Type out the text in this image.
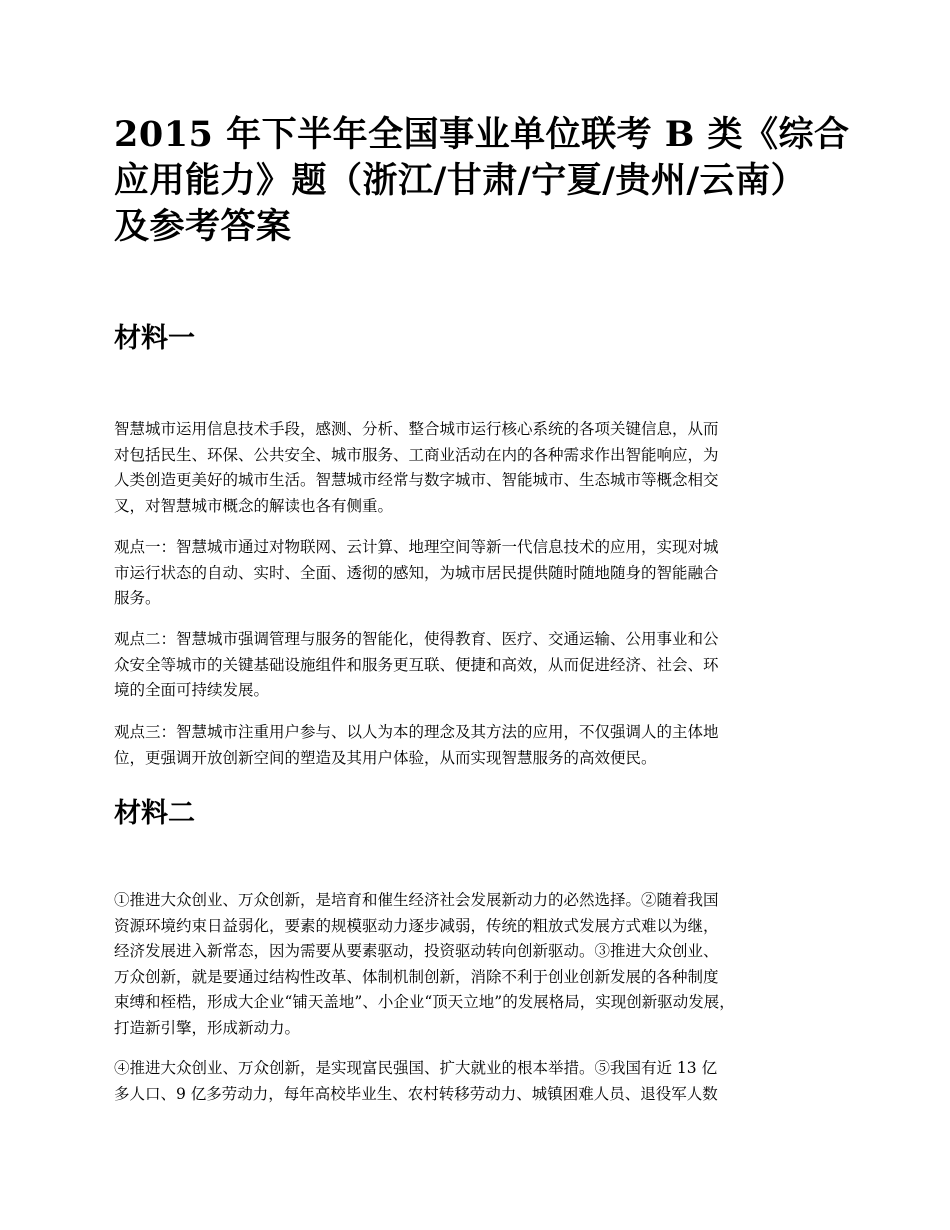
2015 年下半年全国事业单位联考 B 类《综合
应用能力》题（浙江/甘肃/宁夏/贵州/云南）
及参考答案
材料一

智慧城市运用信息技术手段，感测、分析、整合城市运行核心系统的各项关键信息，从而
对包括民生、环保、公共安全、城市服务、工商业活动在内的各种需求作出智能响应，为
人类创造更美好的城市生活。智慧城市经常与数字城市、智能城市、生态城市等概念相交
叉，对智慧城市概念的解读也各有侧重。

观点一：智慧城市通过对物联网、云计算、地理空间等新一代信息技术的应用，实现对城
市运行状态的自动、实时、全面、透彻的感知，为城市居民提供随时随地随身的智能融合
服务。

观点二：智慧城市强调管理与服务的智能化，使得教育、医疗、交通运输、公用事业和公
众安全等城市的关键基础设施组件和服务更互联、便捷和高效，从而促进经济、社会、环
境的全面可持续发展。

观点三：智慧城市注重用户参与、以人为本的理念及其方法的应用，不仅强调人的主体地
位，更强调开放创新空间的塑造及其用户体验，从而实现智慧服务的高效便民。

材料二

①推进大众创业、万众创新，是培育和催生经济社会发展新动力的必然选择。②随着我国
资源环境约束日益弱化，要素的规模驱动力逐步减弱，传统的粗放式发展方式难以为继，
经济发展进入新常态，因为需要从要素驱动，投资驱动转向创新驱动。③推进大众创业、
万众创新，就是要通过结构性改革、体制机制创新，消除不利于创业创新发展的各种制度
束缚和桎梏，形成大企业“铺天盖地”、小企业“顶天立地”的发展格局，实现创新驱动发展，
打造新引擎，形成新动力。

④推进大众创业、万众创新，是实现富民强国、扩大就业的根本举措。⑤我国有近 13 亿
多人口、9 亿多劳动力，每年高校毕业生、农村转移劳动力、城镇困难人员、退役军人数
